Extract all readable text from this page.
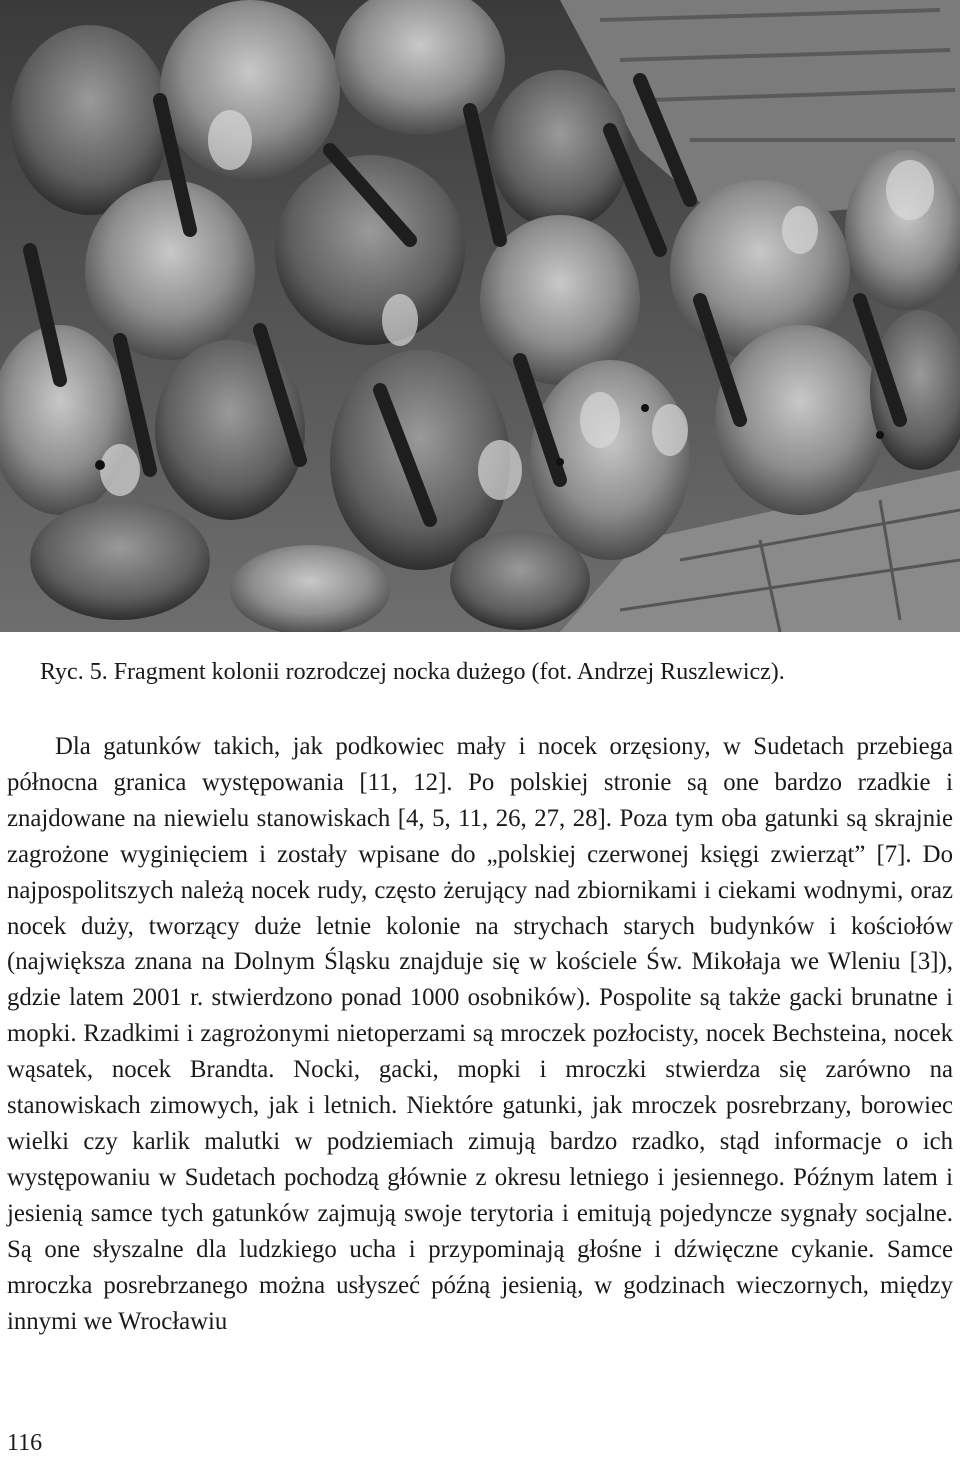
Ryc. 5. Fragment kolonii rozrodczej nocka dużego (fot. Andrzej Ruszlewicz).

Dla gatunków takich, jak podkowiec mały i nocek orzęsiony, w Sudetach przebiega północna granica występowania [11, 12]. Po polskiej stronie są one bardzo rzadkie i znajdowane na niewielu stanowiskach [4, 5, 11, 26, 27, 28]. Poza tym oba gatunki są skrajnie zagrożone wyginięciem i zostały wpisane do „polskiej czerwonej księgi zwierząt” [7]. Do najpospolitszych należą nocek rudy, często żerujący nad zbiornikami i ciekami wodnymi, oraz nocek duży, tworzący duże letnie kolonie na strychach starych budynków i kościołów (największa znana na Dolnym Śląsku znajduje się w kościele Św. Mikołaja we Wleniu [3]), gdzie latem 2001 r. stwierdzono ponad 1000 osobników). Pospolite są także gacki brunatne i mopki. Rzadkimi i zagrożonymi nietoperzami są mroczek pozłocisty, nocek Bechsteina, nocek wąsatek, nocek Brandta. Nocki, gacki, mopki i mroczki stwierdza się zarówno na stanowiskach zimowych, jak i letnich. Niektóre gatunki, jak mroczek posrebrzany, borowiec wielki czy karlik malutki w podziemiach zimują bardzo rzadko, stąd informacje o ich występowaniu w Sudetach pochodzą głównie z okresu letniego i jesiennego. Późnym latem i jesienią samce tych gatunków zajmują swoje terytoria i emitują pojedyncze sygnały socjalne. Są one słyszalne dla ludzkiego ucha i przypominają głośne i dźwięczne cykanie. Samce mroczka posrebrzanego można usłyszeć późną jesienią, w godzinach wieczornych, między innymi we Wrocławiu

116
